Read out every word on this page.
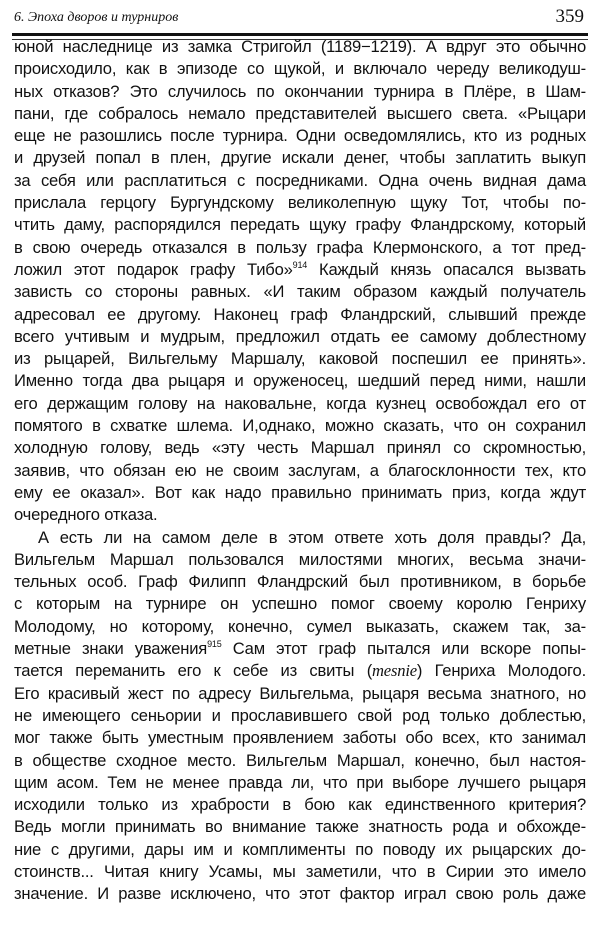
6. Эпоха дворов и турниров	359
юной наследнице из замка Стригойл (1189−1219). А вдруг это обычно
происходило, как в эпизоде со щукой, и включало череду великодуш-
ных отказов? Это случилось по окончании турнира в Плёре, в Шам-
пани, где собралось немало представителей высшего света. «Рыцари
еще не разошлись после турнира. Одни осведомлялись, кто из родных
и друзей попал в плен, другие искали денег, чтобы заплатить выкуп
за себя или расплатиться с посредниками. Одна очень видная дама
прислала герцогу Бургундскому великолепную щуку Тот, чтобы по-
чтить даму, распорядился передать щуку графу Фландрскому, который
в свою очередь отказался в пользу графа Клермонского, а тот пред-
ложил этот подарок графу Тибо»$^{914}$ Каждый князь опасался вызвать
зависть со стороны равных. «И таким образом каждый получатель
адресовал ее другому. Наконец граф Фландрский, слывший прежде
всего учтивым и мудрым, предложил отдать ее самому доблестному
из рыцарей, Вильгельму Маршалу, каковой поспешил ее принять».
Именно тогда два рыцаря и оруженосец, шедший перед ними, нашли
его держащим голову на наковальне, когда кузнец освобождал его от
помятого в схватке шлема. И,однако, можно сказать, что он сохранил
холодную голову, ведь «эту честь Маршал принял со скромностью,
заявив, что обязан ею не своим заслугам, а благосклонности тех, кто
ему ее оказал». Вот как надо правильно принимать приз, когда ждут
очередного отказа.
А есть ли на самом деле в этом ответе хоть доля правды? Да,
Вильгельм Маршал пользовался милостями многих, весьма значи-
тельных особ. Граф Филипп Фландрский был противником, в борьбе
с которым на турнире он успешно помог своему королю Генриху
Молодому, но которому, конечно, сумел выказать, скажем так, за-
метные знаки уважения$^{915}$ Сам этот граф пытался или вскоре попы-
тается переманить его к себе из свиты (mesnie) Генриха Молодого.
Его красивый жест по адресу Вильгельма, рыцаря весьма знатного, но
не имеющего сеньории и прославившего свой род только доблестью,
мог также быть уместным проявлением заботы обо всех, кто занимал
в обществе сходное место. Вильгельм Маршал, конечно, был настоя-
щим асом. Тем не менее правда ли, что при выборе лучшего рыцаря
исходили только из храбрости в бою как единственного критерия?
Ведь могли принимать во внимание также знатность рода и обхожде-
ние с другими, дары им и комплименты по поводу их рыцарских до-
стоинств... Читая книгу Усамы, мы заметили, что в Сирии это имело
значение. И разве исключено, что этот фактор играл свою роль даже
